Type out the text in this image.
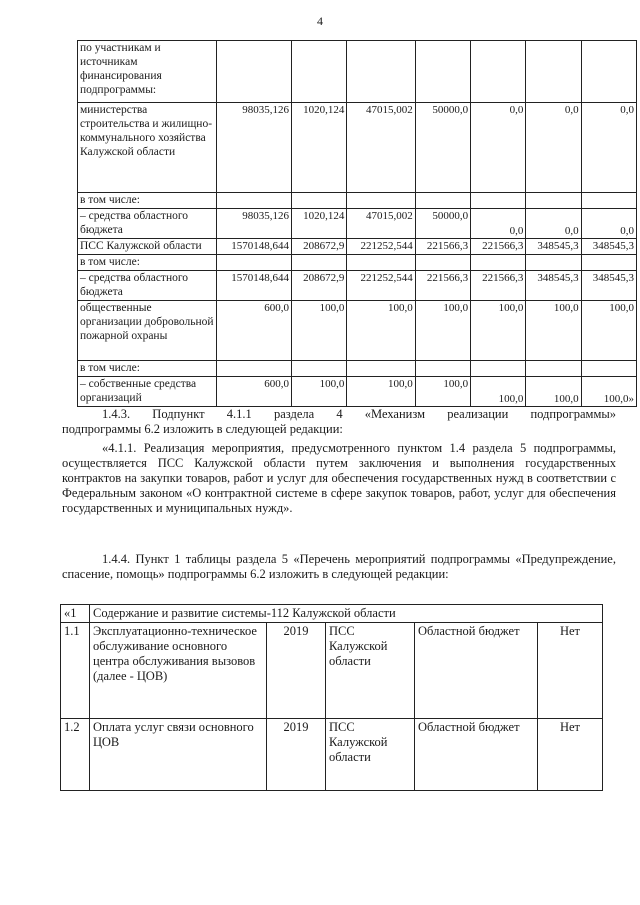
4
по участникам и источникам финансирования подпрограммы:							
министерства строительства и жилищно-коммунального хозяйства Калужской области	98035,126	1020,124	47015,002	50000,0	0,0	0,0	0,0
в том числе:							
– средства областного бюджета	98035,126	1020,124	47015,002	50000,0	0,0	0,0	0,0
ПСС Калужской области	1570148,644	208672,9	221252,544	221566,3	221566,3	348545,3	348545,3
в том числе:							
– средства областного бюджета	1570148,644	208672,9	221252,544	221566,3	221566,3	348545,3	348545,3
общественные организации добровольной пожарной охраны	600,0	100,0	100,0	100,0	100,0	100,0	100,0
в том числе:							
– собственные средства организаций	600,0	100,0	100,0	100,0	100,0	100,0	100,0»

1.4.3. Подпункт 4.1.1 раздела 4 «Механизм реализации подпрограммы»

подпрограммы 6.2 изложить в следующей редакции:

«4.1.1. Реализация мероприятия, предусмотренного пунктом 1.4 раздела 5 подпрограммы, осуществляется ПСС Калужской области путем заключения и выполнения государственных контрактов на закупки товаров, работ и услуг для обеспечения государственных нужд в соответствии с Федеральным законом «О контрактной системе в сфере закупок товаров, работ, услуг для обеспечения государственных и муниципальных нужд».

1.4.4. Пункт 1 таблицы раздела 5 «Перечень мероприятий подпрограммы «Предупреждение, спасение, помощь» подпрограммы 6.2 изложить в следующей редакции:

«1	Содержание и развитие системы-112 Калужской области				
1.1	Эксплуатационно-техническое обслуживание основного центра обслуживания вызовов (далее - ЦОВ)	2019	ПСС Калужской области	Областной бюджет	Нет
1.2	Оплата услуг связи основного ЦОВ	2019	ПСС Калужской области	Областной бюджет	Нет
